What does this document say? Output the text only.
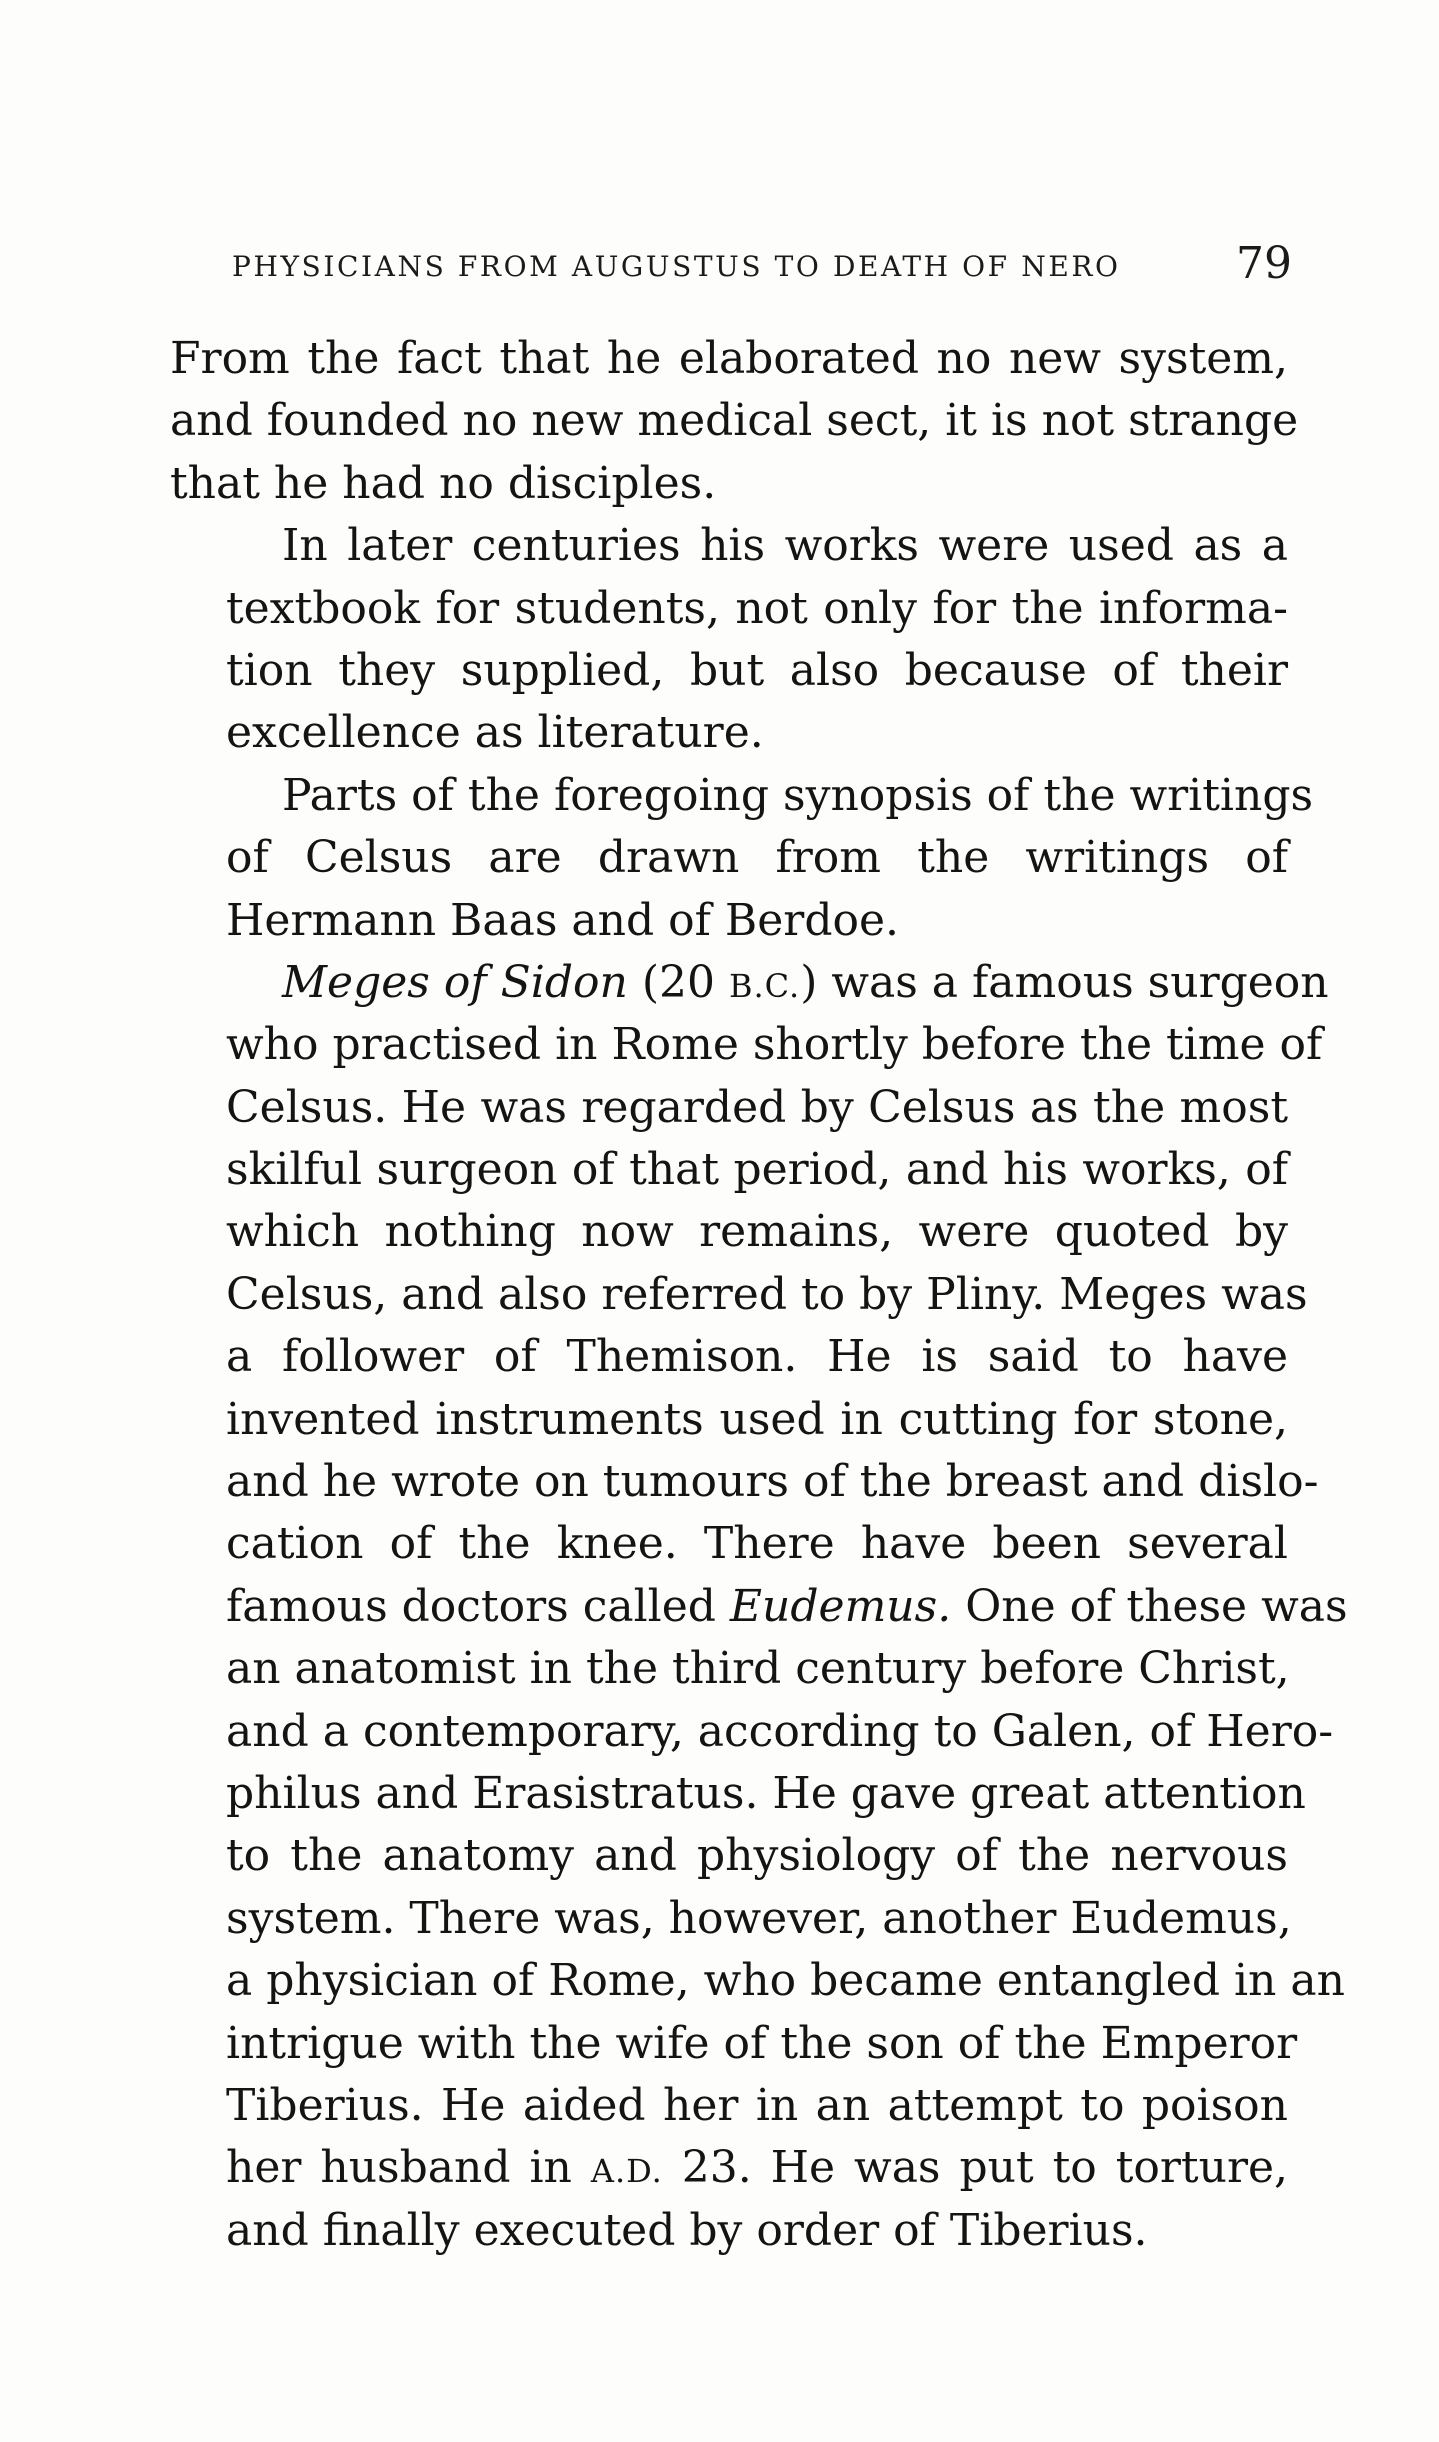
PHYSICIANS FROM AUGUSTUS TO DEATH OF NERO	79
From the fact that he elaborated no new system,
and founded no new medical sect, it is not strange
that he had no disciples.
In later centuries his works were used as a
textbook for students, not only for the informa-
tion they supplied, but also because of their
excellence as literature.
Parts of the foregoing synopsis of the writings
of Celsus are drawn from the writings of
Hermann Baas and of Berdoe.
Meges of Sidon (20 B.C.) was a famous surgeon
who practised in Rome shortly before the time of
Celsus. He was regarded by Celsus as the most
skilful surgeon of that period, and his works, of
which nothing now remains, were quoted by
Celsus, and also referred to by Pliny. Meges was
a follower of Themison. He is said to have
invented instruments used in cutting for stone,
and he wrote on tumours of the breast and dislo-
cation of the knee. There have been several
famous doctors called Eudemus. One of these was
an anatomist in the third century before Christ,
and a contemporary, according to Galen, of Hero-
philus and Erasistratus. He gave great attention
to the anatomy and physiology of the nervous
system. There was, however, another Eudemus,
a physician of Rome, who became entangled in an
intrigue with the wife of the son of the Emperor
Tiberius. He aided her in an attempt to poison
her husband in A.D. 23. He was put to torture,
and finally executed by order of Tiberius.
